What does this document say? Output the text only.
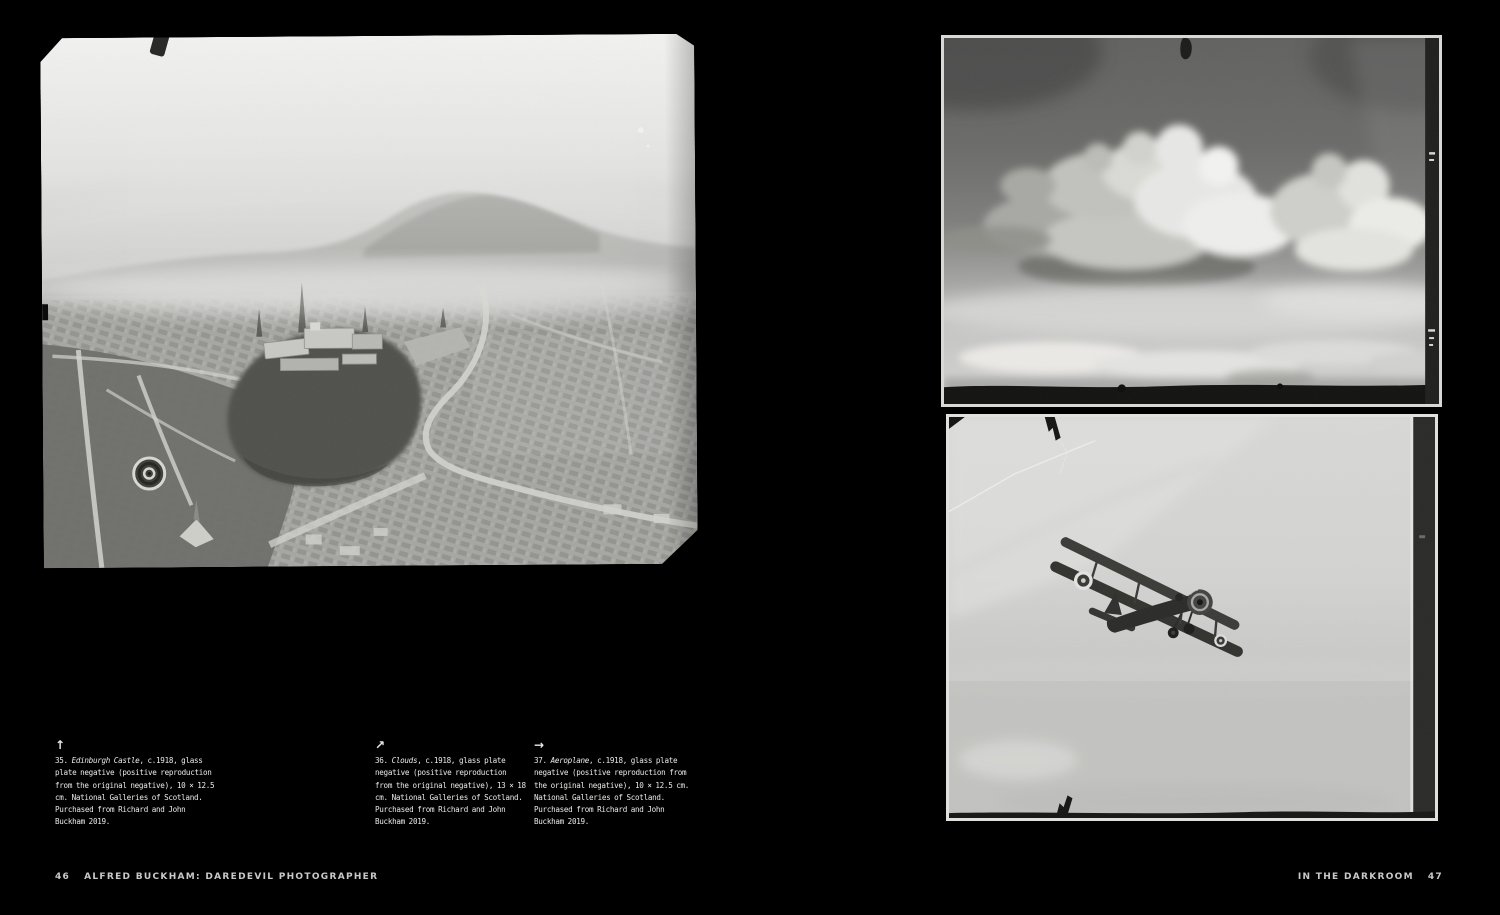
↑

35. Edinburgh Castle, c.1918, glass plate negative (positive reproduction from the original negative), 10 × 12.5 cm. National Galleries of Scotland. Purchased from Richard and John Buckham 2019.

↗

36. Clouds, c.1918, glass plate negative (positive reproduction from the original negative), 13 × 18 cm. National Galleries of Scotland. Purchased from Richard and John Buckham 2019.

→

37. Aeroplane, c.1918, glass plate negative (positive reproduction from the original negative), 10 × 12.5 cm. National Galleries of Scotland. Purchased from Richard and John Buckham 2019.

46 ALFRED BUCKHAM: DAREDEVIL PHOTOGRAPHER	IN THE DARKROOM 47
